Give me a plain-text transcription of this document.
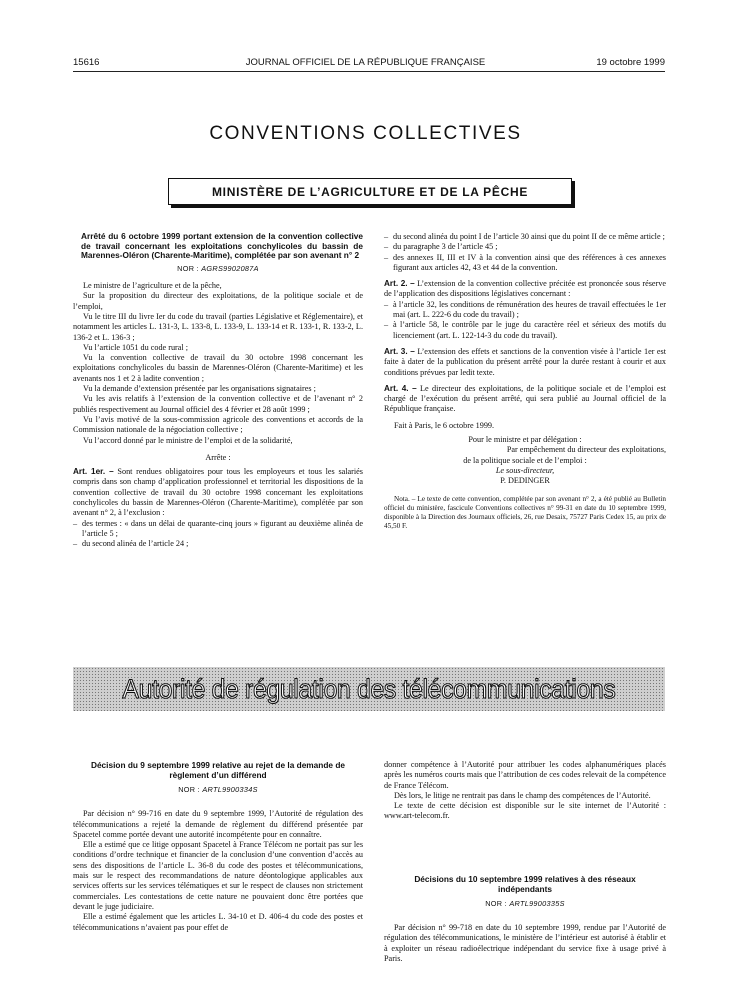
15616	JOURNAL OFFICIEL DE LA RÉPUBLIQUE FRANÇAISE	19 octobre 1999
CONVENTIONS COLLECTIVES
MINISTÈRE DE L’AGRICULTURE ET DE LA PÊCHE
Arrêté du 6 octobre 1999 portant extension de la convention collective de travail concernant les exploitations conchylicoles du bassin de Marennes-Oléron (Charente-Maritime), complétée par son avenant n° 2
NOR : AGRS9902087A

Le ministre de l’agriculture et de la pêche,

Sur la proposition du directeur des exploitations, de la politique sociale et de l’emploi,

Vu le titre III du livre Ier du code du travail (parties Législative et Réglementaire), et notamment les articles L. 131-3, L. 133-8, L. 133-9, L. 133-14 et R. 133-1, R. 133-2, L. 136-2 et L. 136-3 ;

Vu l’article 1051 du code rural ;

Vu la convention collective de travail du 30 octobre 1998 concernant les exploitations conchylicoles du bassin de Marennes-Oléron (Charente-Maritime) et les avenants nos 1 et 2 à ladite convention ;

Vu la demande d’extension présentée par les organisations signataires ;

Vu les avis relatifs à l’extension de la convention collective et de l’avenant n° 2 publiés respectivement au Journal officiel des 4 février et 28 août 1999 ;

Vu l’avis motivé de la sous-commission agricole des conventions et accords de la Commission nationale de la négociation collective ;

Vu l’accord donné par le ministre de l’emploi et de la solidarité,

Arrête :

Art. 1er. – Sont rendues obligatoires pour tous les employeurs et tous les salariés compris dans son champ d’application professionnel et territorial les dispositions de la convention collective de travail du 30 octobre 1998 concernant les exploitations conchylicoles du bassin de Marennes-Oléron (Charente-Maritime), complétée par son avenant n° 2, à l’exclusion :

– des termes : « dans un délai de quarante-cinq jours » figurant au deuxième alinéa de l’article 5 ;
– du second alinéa de l’article 24 ;
– du second alinéa du point I de l’article 30 ainsi que du point II de ce même article ;
– du paragraphe 3 de l’article 45 ;
– des annexes II, III et IV à la convention ainsi que des références à ces annexes figurant aux articles 42, 43 et 44 de la convention.

Art. 2. – L’extension de la convention collective précitée est prononcée sous réserve de l’application des dispositions législatives concernant :

– à l’article 32, les conditions de rémunération des heures de travail effectuées le 1er mai (art. L. 222-6 du code du travail) ;
– à l’article 58, le contrôle par le juge du caractère réel et sérieux des motifs du licenciement (art. L. 122-14-3 du code du travail).

Art. 3. – L’extension des effets et sanctions de la convention visée à l’article 1er est faite à dater de la publication du présent arrêté pour la durée restant à courir et aux conditions prévues par ledit texte.

Art. 4. – Le directeur des exploitations, de la politique sociale et de l’emploi est chargé de l’exécution du présent arrêté, qui sera publié au Journal officiel de la République française.

Fait à Paris, le 6 octobre 1999.

Pour le ministre et par délégation :

Par empêchement du directeur des exploitations,

de la politique sociale et de l’emploi :

Le sous-directeur,

P. DEDINGER

Nota. – Le texte de cette convention, complétée par son avenant n° 2, a été publié au Bulletin officiel du ministère, fascicule Conventions collectives n° 99-31 en date du 10 septembre 1999, disponible à la Direction des Journaux officiels, 26, rue Desaix, 75727 Paris Cedex 15, au prix de 45,50 F.

Autorité de régulation des télécommunications
Décision du 9 septembre 1999 relative au rejet de la demande de règlement d’un différend
NOR : ARTL9900334S

Par décision n° 99-716 en date du 9 septembre 1999, l’Autorité de régulation des télécommunications a rejeté la demande de règlement du différend présentée par Spacetel comme portée devant une autorité incompétente pour en connaître.

Elle a estimé que ce litige opposant Spacetel à France Télécom ne portait pas sur les conditions d’ordre technique et financier de la conclusion d’une convention d’accès au sens des dispositions de l’article L. 36-8 du code des postes et télécommunications, mais sur le respect des recommandations de nature déontologique applicables aux services offerts sur les services télématiques et sur le respect de clauses non strictement commerciales. Les contestations de cette nature ne pouvaient donc être portées que devant le juge judiciaire.

Elle a estimé également que les articles L. 34-10 et D. 406-4 du code des postes et télécommunications n’avaient pas pour effet de

donner compétence à l’Autorité pour attribuer les codes alphanumériques placés après les numéros courts mais que l’attribution de ces codes relevait de la compétence de France Télécom.

Dès lors, le litige ne rentrait pas dans le champ des compétences de l’Autorité.

Le texte de cette décision est disponible sur le site internet de l’Autorité : www.art-telecom.fr.

Décisions du 10 septembre 1999 relatives à des réseaux indépendants
NOR : ARTL9900335S

Par décision n° 99-718 en date du 10 septembre 1999, rendue par l’Autorité de régulation des télécommunications, le ministère de l’intérieur est autorisé à établir et à exploiter un réseau radioélectrique indépendant du service fixe à usage privé à Paris.
